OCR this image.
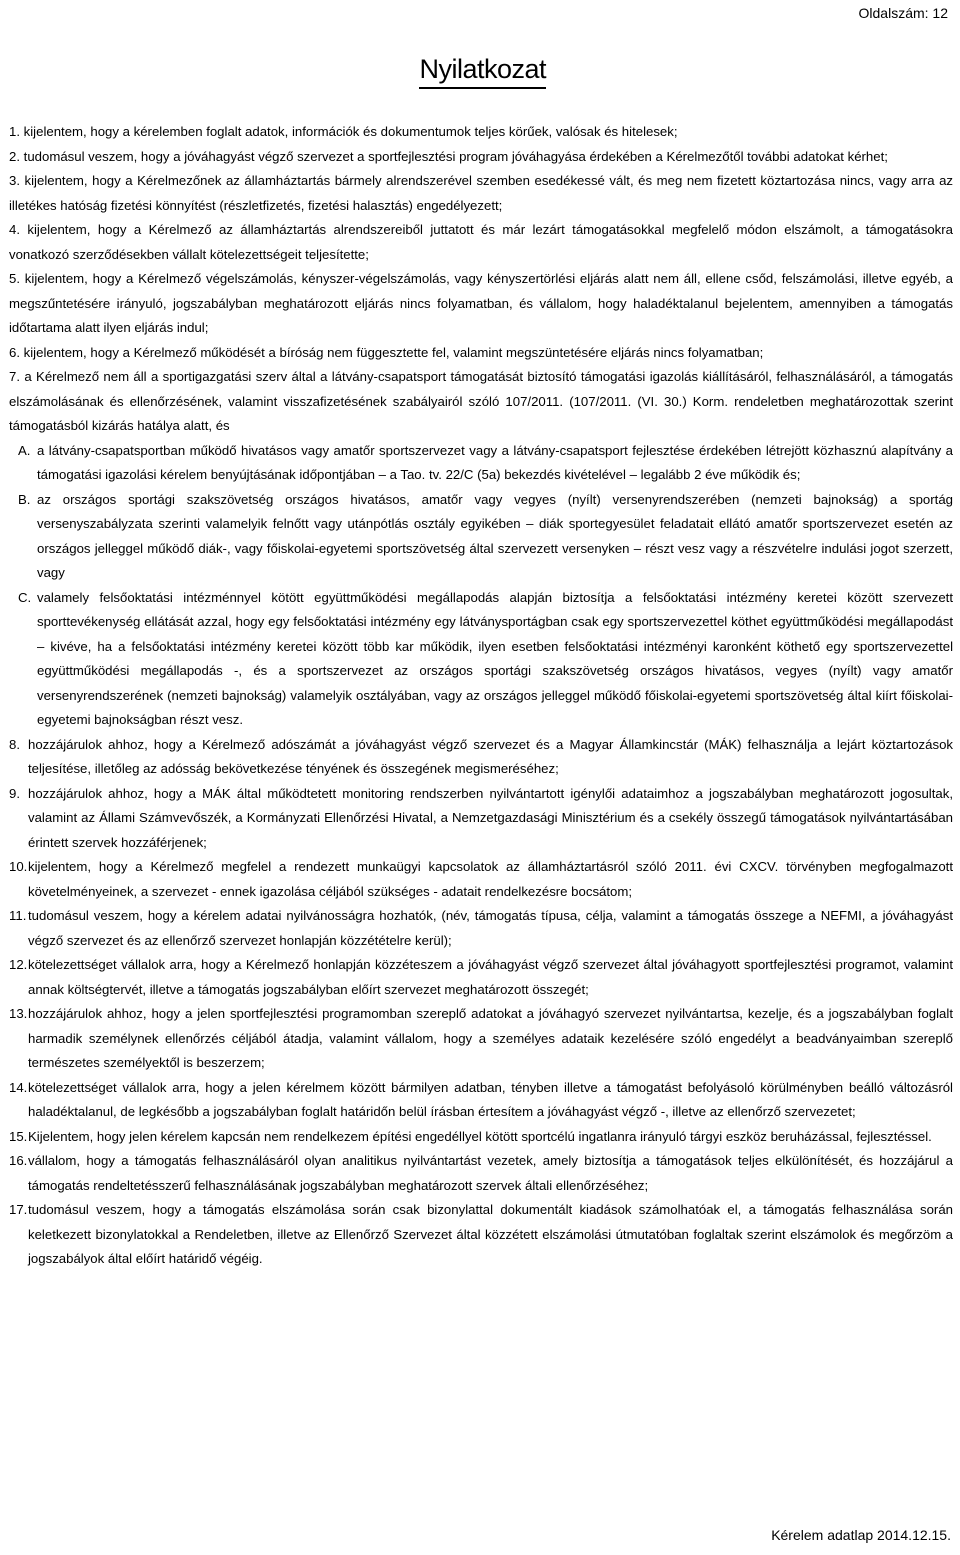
Oldalszám: 12
Nyilatkozat
1. kijelentem, hogy a kérelemben foglalt adatok, információk és dokumentumok teljes körűek, valósak és hitelesek;
2. tudomásul veszem, hogy a jóváhagyást végző szervezet a sportfejlesztési program jóváhagyása érdekében a Kérelmezőtől további adatokat kérhet;
3. kijelentem, hogy a Kérelmezőnek az államháztartás bármely alrendszerével szemben esedékessé vált, és meg nem fizetett köztartozása nincs, vagy arra az illetékes hatóság fizetési könnyítést (részletfizetés, fizetési halasztás) engedélyezett;
4. kijelentem, hogy a Kérelmező az államháztartás alrendszereiből juttatott és már lezárt támogatásokkal megfelelő módon elszámolt, a támogatásokra vonatkozó szerződésekben vállalt kötelezettségeit teljesítette;
5. kijelentem, hogy a Kérelmező végelszámolás, kényszer-végelszámolás, vagy kényszertörlési eljárás alatt nem áll, ellene csőd, felszámolási, illetve egyéb, a megszűntetésére irányuló, jogszabályban meghatározott eljárás nincs folyamatban, és vállalom, hogy haladéktalanul bejelentem, amennyiben a támogatás időtartama alatt ilyen eljárás indul;
6. kijelentem, hogy a Kérelmező működését a bíróság nem függesztette fel, valamint megszüntetésére eljárás nincs folyamatban;
7. a Kérelmező nem áll a sportigazgatási szerv által a látvány-csapatsport támogatását biztosító támogatási igazolás kiállításáról, felhasználásáról, a támogatás elszámolásának és ellenőrzésének, valamint visszafizetésének szabályairól szóló 107/2011. (107/2011. (VI. 30.) Korm. rendeletben meghatározottak szerint támogatásból kizárás hatálya alatt, és
A. a látvány-csapatsportban működő hivatásos vagy amatőr sportszervezet vagy a látvány-csapatsport fejlesztése érdekében létrejött közhasznú alapítvány a támogatási igazolási kérelem benyújtásának időpontjában – a Tao. tv. 22/C (5a) bekezdés kivételével – legalább 2 éve működik és;
B. az országos sportági szakszövetség országos hivatásos, amatőr vagy vegyes (nyílt) versenyrendszerében (nemzeti bajnokság) a sportág versenyszabályzata szerinti valamelyik felnőtt vagy utánpótlás osztály egyikében – diák sportegyesület feladatait ellátó amatőr sportszervezet esetén az országos jelleggel működő diák-, vagy főiskolai-egyetemi sportszövetség által szervezett versenyken – részt vesz vagy a részvételre indulási jogot szerzett, vagy
C. valamely felsőoktatási intézménnyel kötött együttműködési megállapodás alapján biztosítja a felsőoktatási intézmény keretei között szervezett sporttevékenység ellátását azzal, hogy egy felsőoktatási intézmény egy látványsportágban csak egy sportszervezettel köthet együttműködési megállapodást – kivéve, ha a felsőoktatási intézmény keretei között több kar működik, ilyen esetben felsőoktatási intézményi karonként köthető egy sportszervezettel együttműködési megállapodás -, és a sportszervezet az országos sportági szakszövetség országos hivatásos, vegyes (nyílt) vagy amatőr versenyrendszerének (nemzeti bajnokság) valamelyik osztályában, vagy az országos jelleggel működő főiskolai-egyetemi sportszövetség által kiírt főiskolai-egyetemi bajnokságban részt vesz.
8. hozzájárulok ahhoz, hogy a Kérelmező adószámát a jóváhagyást végző szervezet és a Magyar Államkincstár (MÁK) felhasználja a lejárt köztartozások teljesítése, illetőleg az adósság bekövetkezése tényének és összegének megismeréséhez;
9. hozzájárulok ahhoz, hogy a MÁK által működtetett monitoring rendszerben nyilvántartott igénylői adataimhoz a jogszabályban meghatározott jogosultak, valamint az Állami Számvevőszék, a Kormányzati Ellenőrzési Hivatal, a Nemzetgazdasági Minisztérium és a csekély összegű támogatások nyilvántartásában érintett szervek hozzáférjenek;
10. kijelentem, hogy a Kérelmező megfelel a rendezett munkaügyi kapcsolatok az államháztartásról szóló 2011. évi CXCV. törvényben megfogalmazott követelményeinek, a szervezet - ennek igazolása céljából szükséges - adatait rendelkezésre bocsátom;
11. tudomásul veszem, hogy a kérelem adatai nyilvánosságra hozhatók, (név, támogatás típusa, célja, valamint a támogatás összege a NEFMI, a jóváhagyást végző szervezet és az ellenőrző szervezet honlapján közzétételre kerül);
12. kötelezettséget vállalok arra, hogy a Kérelmező honlapján közzéteszem a jóváhagyást végző szervezet által jóváhagyott sportfejlesztési programot, valamint annak költségtervét, illetve a támogatás jogszabályban előírt szervezet meghatározott összegét;
13. hozzájárulok ahhoz, hogy a jelen sportfejlesztési programomban szereplő adatokat a jóváhagyó szervezet nyilvántartsa, kezelje, és a jogszabályban foglalt harmadik személynek ellenőrzés céljából átadja, valamint vállalom, hogy a személyes adataik kezelésére szóló engedélyt a beadványaimban szereplő természetes személyektől is beszerzem;
14. kötelezettséget vállalok arra, hogy a jelen kérelmem között bármilyen adatban, tényben illetve a támogatást befolyásoló körülményben beálló változásról haladéktalanul, de legkésőbb a jogszabályban foglalt határidőn belül írásban értesítem a jóváhagyást végző -, illetve az ellenőrző szervezetet;
15. Kijelentem, hogy jelen kérelem kapcsán nem rendelkezem építési engedéllyel kötött sportcélú ingatlanra irányuló tárgyi eszköz beruházással, fejlesztéssel.
16. vállalom, hogy a támogatás felhasználásáról olyan analitikus nyilvántartást vezetek, amely biztosítja a támogatások teljes elkülönítését, és hozzájárul a támogatás rendeltetésszerű felhasználásának jogszabályban meghatározott szervek általi ellenőrzéséhez;
17. tudomásul veszem, hogy a támogatás elszámolása során csak bizonylattal dokumentált kiadások számolhatóak el, a támogatás felhasználása során keletkezett bizonylatokkal a Rendeletben, illetve az Ellenőrző Szervezet által közzétett elszámolási útmutatóban foglaltak szerint elszámolok és megőrzöm a jogszabályok által előírt határidő végéig.
Kérelem adatlap 2014.12.15.
